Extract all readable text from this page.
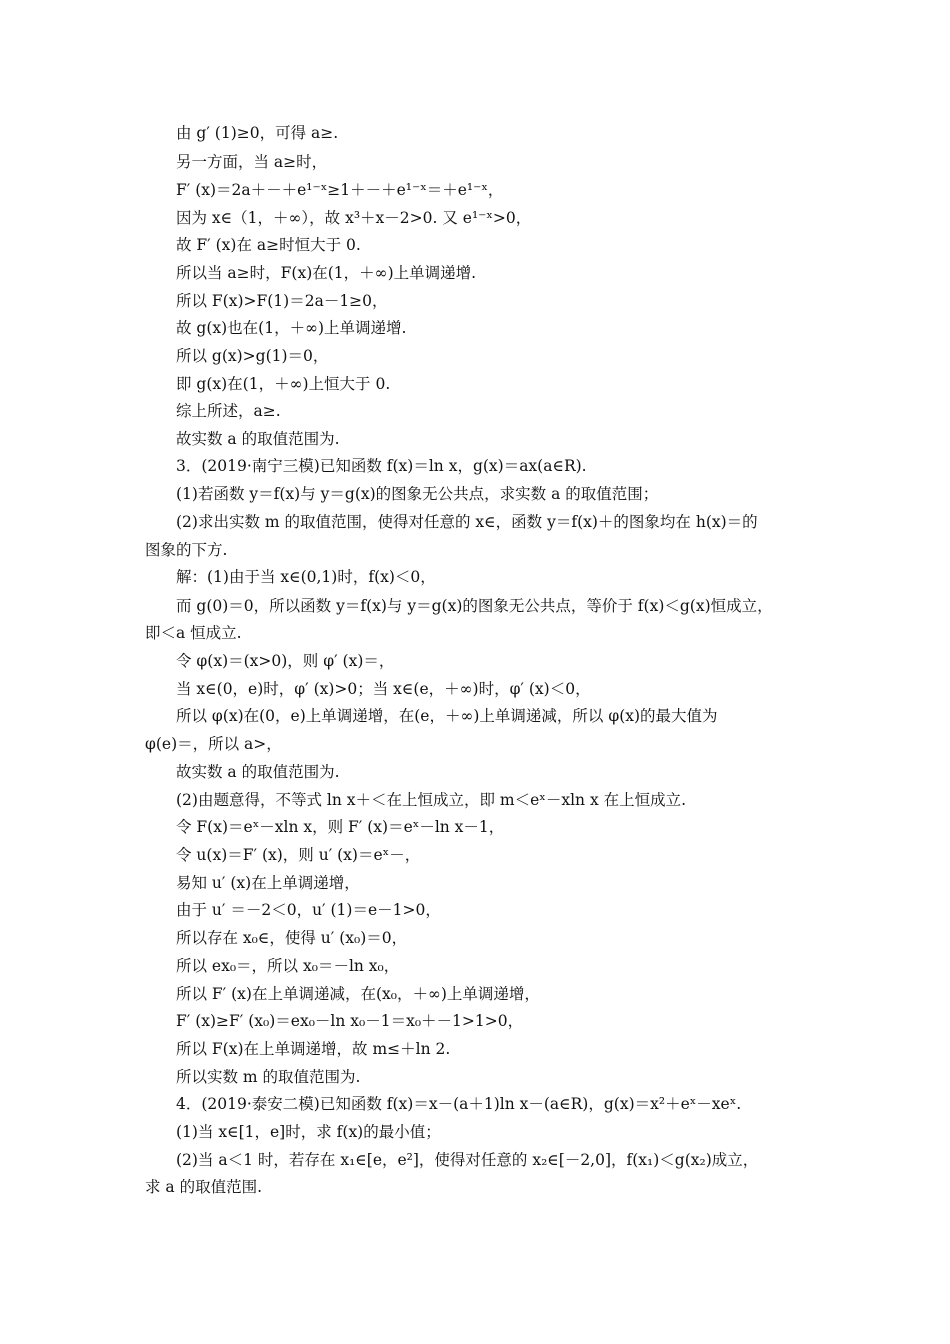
由 g′ (1)≥0，可得 a≥.
另一方面，当 a≥时，
F′ (x)＝2a＋－＋e¹⁻ˣ≥1＋－＋e¹⁻ˣ＝＋e¹⁻ˣ，
因为 x∈（1，＋∞），故 x³＋x－2>0. 又 e¹⁻ˣ>0，
故 F′ (x)在 a≥时恒大于 0.
所以当 a≥时，F(x)在(1，＋∞)上单调递增.
所以 F(x)>F(1)＝2a－1≥0，
故 g(x)也在(1，＋∞)上单调递增.
所以 g(x)>g(1)＝0，
即 g(x)在(1，＋∞)上恒大于 0.
综上所述，a≥.
故实数 a 的取值范围为.
3．(2019·南宁三模)已知函数 f(x)＝ln x，g(x)＝ax(a∈R).
(1)若函数 y＝f(x)与 y＝g(x)的图象无公共点，求实数 a 的取值范围；
(2)求出实数 m 的取值范围，使得对任意的 x∈，函数 y＝f(x)＋的图象均在 h(x)＝的
图象的下方.
解：(1)由于当 x∈(0,1)时，f(x)＜0，
而 g(0)＝0，所以函数 y＝f(x)与 y＝g(x)的图象无公共点，等价于 f(x)＜g(x)恒成立，
即＜a 恒成立.
令 φ(x)＝(x>0)，则 φ′ (x)＝，
当 x∈(0，e)时，φ′ (x)>0；当 x∈(e，＋∞)时，φ′ (x)＜0，
所以 φ(x)在(0，e)上单调递增，在(e，＋∞)上单调递减，所以 φ(x)的最大值为
φ(e)＝，所以 a>，
故实数 a 的取值范围为.
(2)由题意得，不等式 ln x＋＜在上恒成立，即 m＜eˣ－xln x 在上恒成立.
令 F(x)＝eˣ－xln x，则 F′ (x)＝eˣ－ln x－1，
令 u(x)＝F′ (x)，则 u′ (x)＝eˣ－，
易知 u′ (x)在上单调递增，
由于 u′ ＝－2＜0，u′ (1)＝e－1>0，
所以存在 x₀∈，使得 u′ (x₀)＝0，
所以 ex₀＝，所以 x₀＝－ln x₀，
所以 F′ (x)在上单调递减，在(x₀，＋∞)上单调递增，
F′ (x)≥F′ (x₀)＝ex₀－ln x₀－1＝x₀＋－1>1>0，
所以 F(x)在上单调递增，故 m≤＋ln 2.
所以实数 m 的取值范围为.
4．(2019·泰安二模)已知函数 f(x)＝x－(a＋1)ln x－(a∈R)，g(x)＝x²＋eˣ－xeˣ.
(1)当 x∈[1，e]时，求 f(x)的最小值；
(2)当 a＜1 时，若存在 x₁∈[e，e²]，使得对任意的 x₂∈[－2,0]，f(x₁)＜g(x₂)成立，
求 a 的取值范围.
